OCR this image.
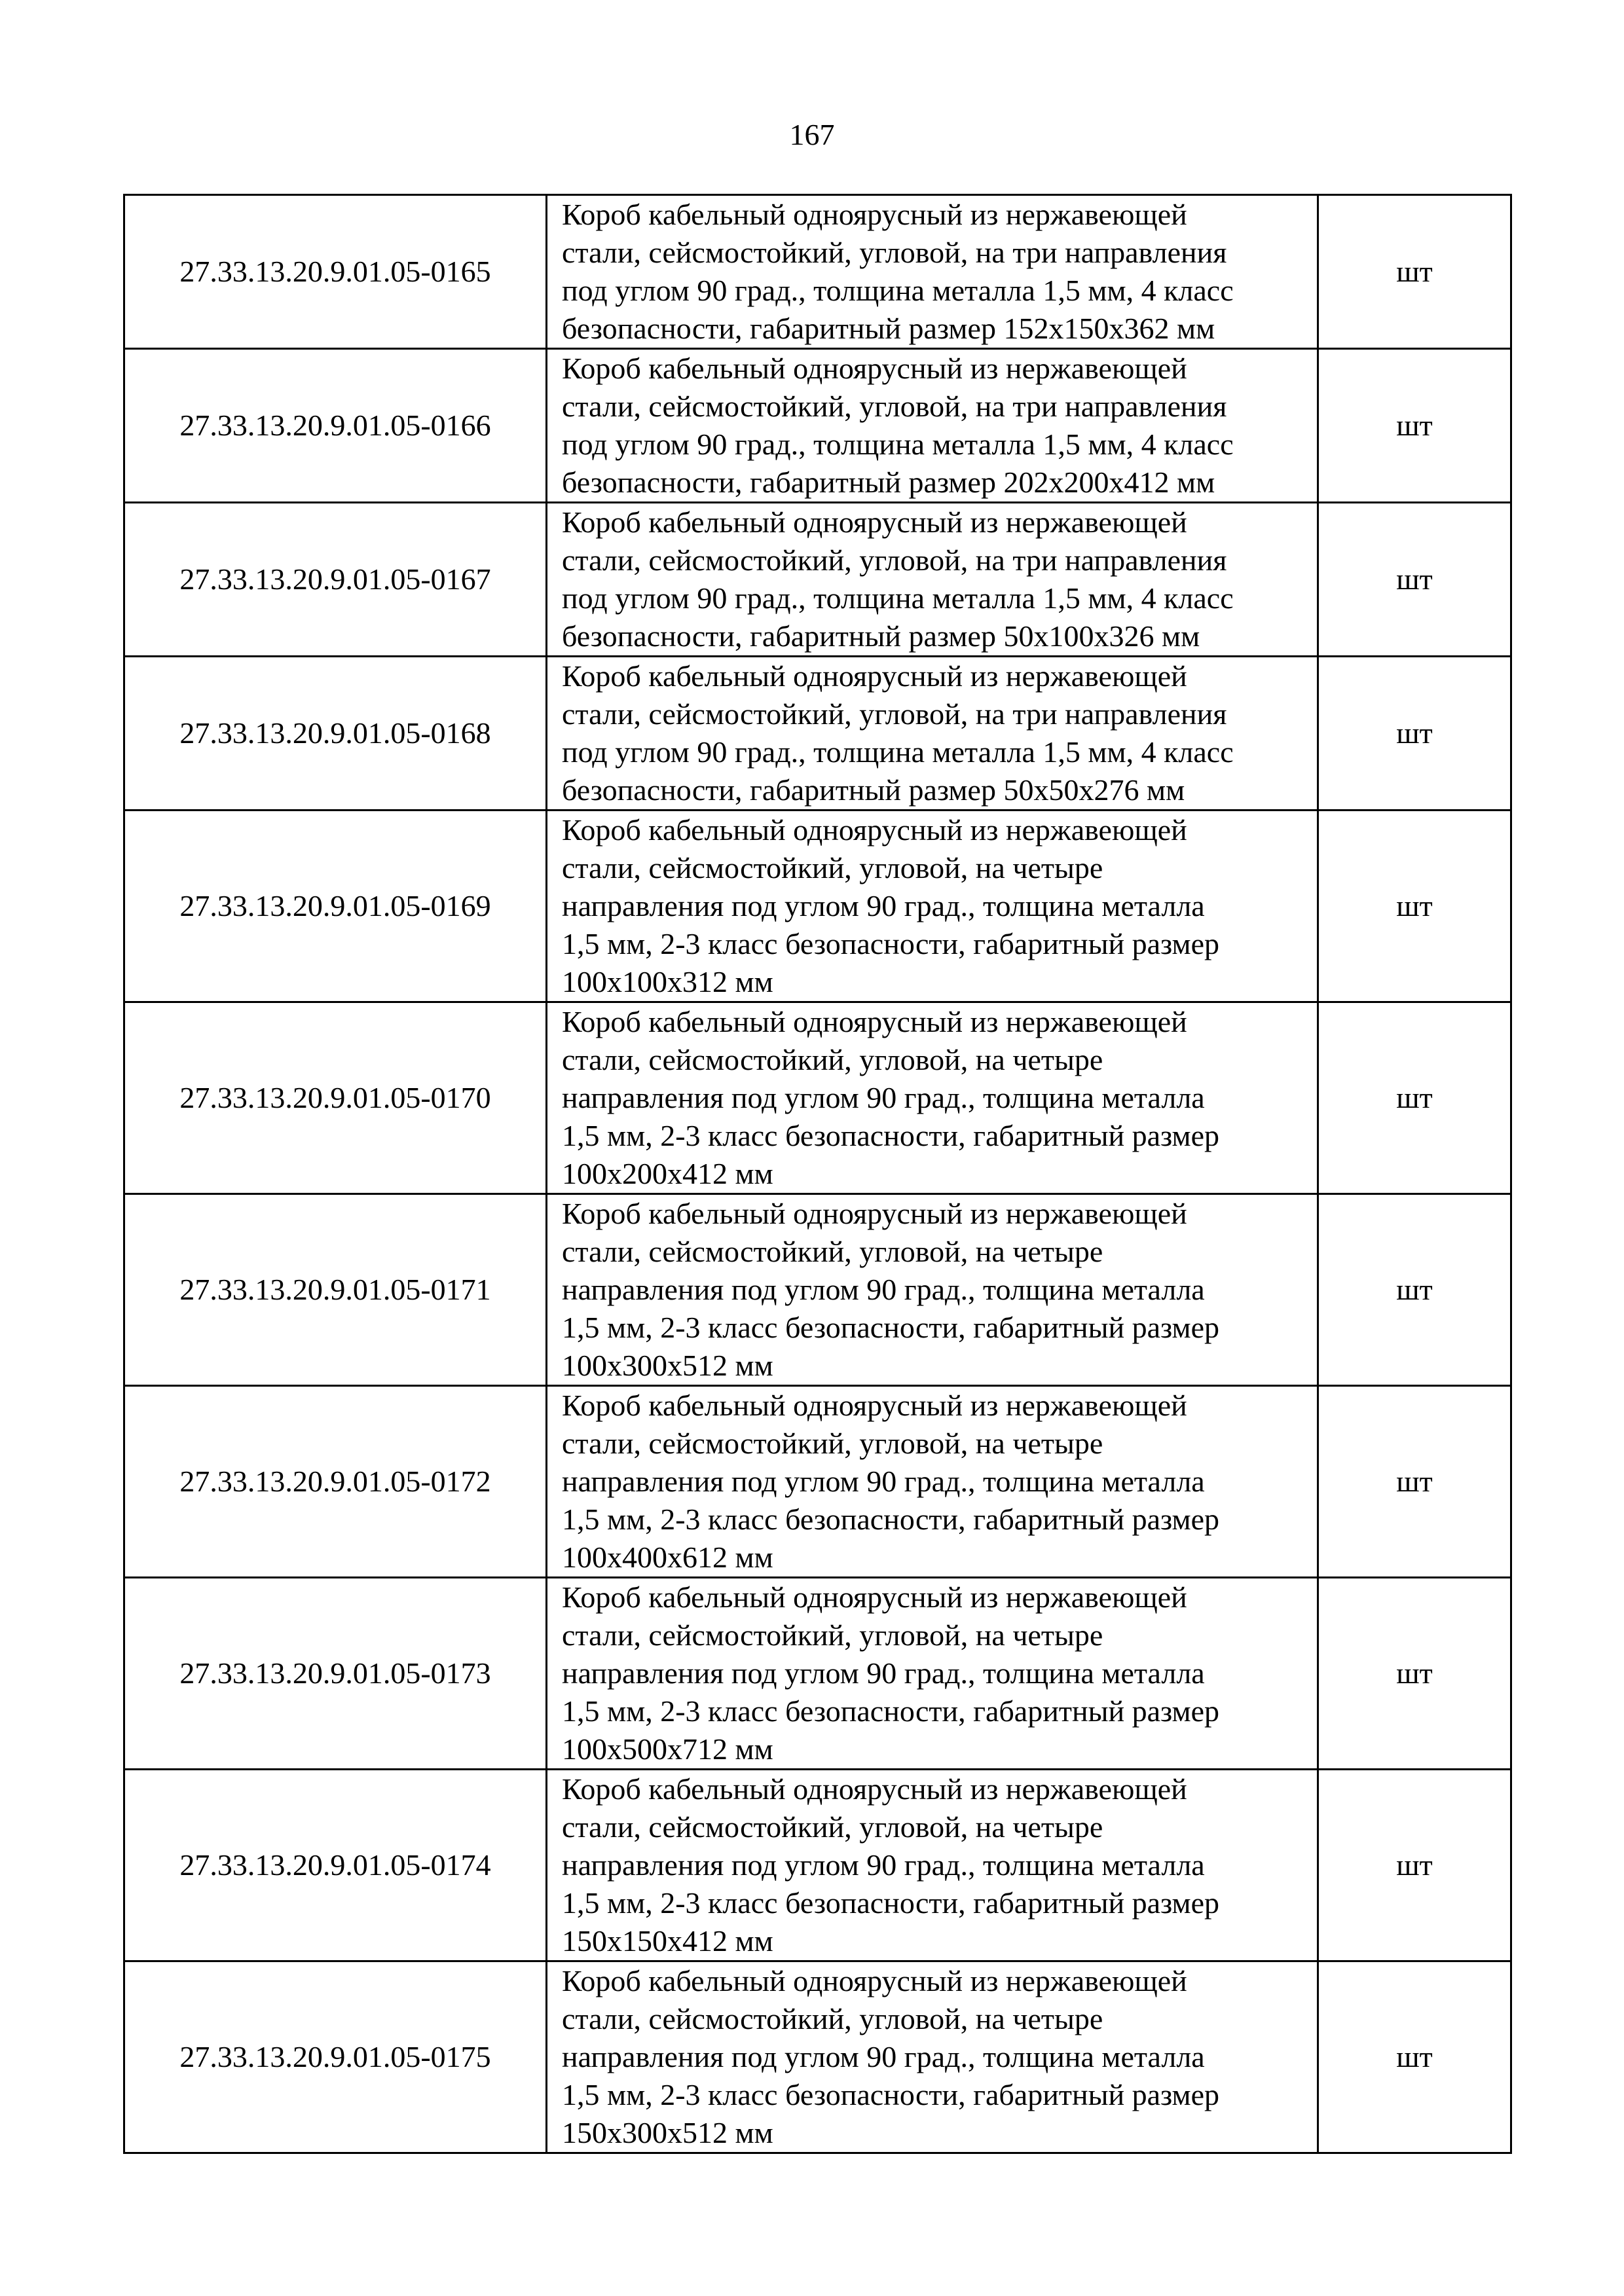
167
27.33.13.20.9.01.05-0165	Короб кабельный одноярусный из нержавеющей
стали, сейсмостойкий, угловой, на три направления
под углом 90 град., толщина металла 1,5 мм, 4 класс
безопасности, габаритный размер 152x150x362 мм	шт
27.33.13.20.9.01.05-0166	Короб кабельный одноярусный из нержавеющей
стали, сейсмостойкий, угловой, на три направления
под углом 90 град., толщина металла 1,5 мм, 4 класс
безопасности, габаритный размер 202x200x412 мм	шт
27.33.13.20.9.01.05-0167	Короб кабельный одноярусный из нержавеющей
стали, сейсмостойкий, угловой, на три направления
под углом 90 град., толщина металла 1,5 мм, 4 класс
безопасности, габаритный размер 50x100x326 мм	шт
27.33.13.20.9.01.05-0168	Короб кабельный одноярусный из нержавеющей
стали, сейсмостойкий, угловой, на три направления
под углом 90 град., толщина металла 1,5 мм, 4 класс
безопасности, габаритный размер 50x50x276 мм	шт
27.33.13.20.9.01.05-0169	Короб кабельный одноярусный из нержавеющей
стали, сейсмостойкий, угловой, на четыре
направления под углом 90 град., толщина металла
1,5 мм, 2-3 класс безопасности, габаритный размер
100x100x312 мм	шт
27.33.13.20.9.01.05-0170	Короб кабельный одноярусный из нержавеющей
стали, сейсмостойкий, угловой, на четыре
направления под углом 90 град., толщина металла
1,5 мм, 2-3 класс безопасности, габаритный размер
100x200x412 мм	шт
27.33.13.20.9.01.05-0171	Короб кабельный одноярусный из нержавеющей
стали, сейсмостойкий, угловой, на четыре
направления под углом 90 град., толщина металла
1,5 мм, 2-3 класс безопасности, габаритный размер
100x300x512 мм	шт
27.33.13.20.9.01.05-0172	Короб кабельный одноярусный из нержавеющей
стали, сейсмостойкий, угловой, на четыре
направления под углом 90 град., толщина металла
1,5 мм, 2-3 класс безопасности, габаритный размер
100x400x612 мм	шт
27.33.13.20.9.01.05-0173	Короб кабельный одноярусный из нержавеющей
стали, сейсмостойкий, угловой, на четыре
направления под углом 90 град., толщина металла
1,5 мм, 2-3 класс безопасности, габаритный размер
100x500x712 мм	шт
27.33.13.20.9.01.05-0174	Короб кабельный одноярусный из нержавеющей
стали, сейсмостойкий, угловой, на четыре
направления под углом 90 град., толщина металла
1,5 мм, 2-3 класс безопасности, габаритный размер
150x150x412 мм	шт
27.33.13.20.9.01.05-0175	Короб кабельный одноярусный из нержавеющей
стали, сейсмостойкий, угловой, на четыре
направления под углом 90 град., толщина металла
1,5 мм, 2-3 класс безопасности, габаритный размер
150x300x512 мм	шт
